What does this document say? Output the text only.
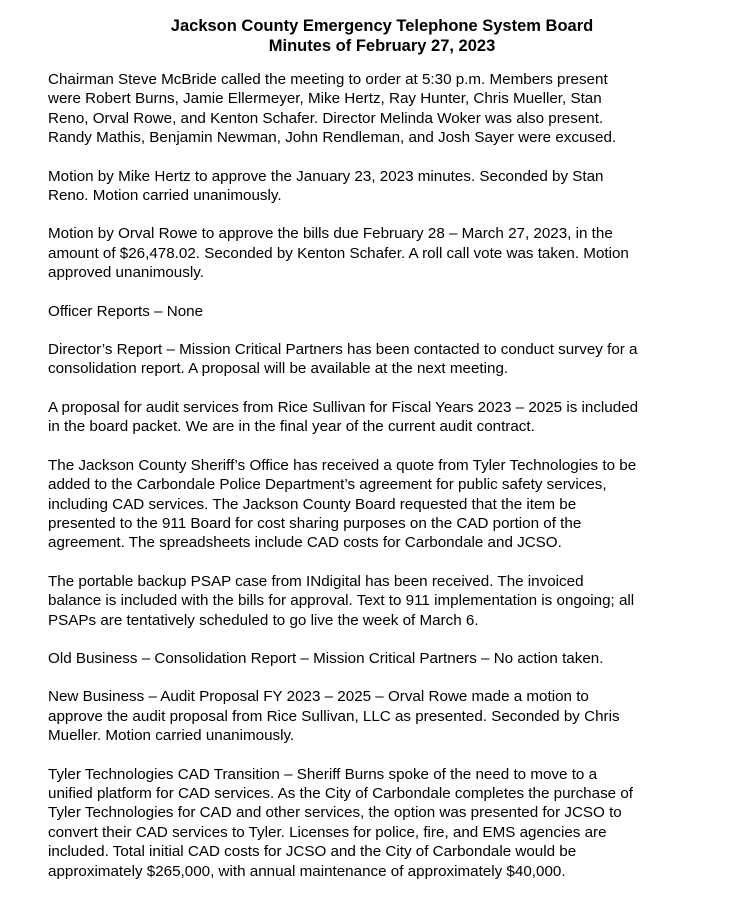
Jackson County Emergency Telephone System Board
Minutes of February 27, 2023
Chairman Steve McBride called the meeting to order at 5:30 p.m. Members present
were Robert Burns, Jamie Ellermeyer, Mike Hertz, Ray Hunter, Chris Mueller, Stan
Reno, Orval Rowe, and Kenton Schafer. Director Melinda Woker was also present.
Randy Mathis, Benjamin Newman, John Rendleman, and Josh Sayer were excused.
Motion by Mike Hertz to approve the January 23, 2023 minutes. Seconded by Stan
Reno. Motion carried unanimously.
Motion by Orval Rowe to approve the bills due February 28 – March 27, 2023, in the
amount of $26,478.02. Seconded by Kenton Schafer. A roll call vote was taken. Motion
approved unanimously.
Officer Reports – None
Director’s Report – Mission Critical Partners has been contacted to conduct survey for a
consolidation report. A proposal will be available at the next meeting.
A proposal for audit services from Rice Sullivan for Fiscal Years 2023 – 2025 is included
in the board packet. We are in the final year of the current audit contract.
The Jackson County Sheriff’s Office has received a quote from Tyler Technologies to be
added to the Carbondale Police Department’s agreement for public safety services,
including CAD services. The Jackson County Board requested that the item be
presented to the 911 Board for cost sharing purposes on the CAD portion of the
agreement. The spreadsheets include CAD costs for Carbondale and JCSO.
The portable backup PSAP case from INdigital has been received. The invoiced
balance is included with the bills for approval. Text to 911 implementation is ongoing; all
PSAPs are tentatively scheduled to go live the week of March 6.
Old Business – Consolidation Report – Mission Critical Partners – No action taken.
New Business – Audit Proposal FY 2023 – 2025 – Orval Rowe made a motion to
approve the audit proposal from Rice Sullivan, LLC as presented. Seconded by Chris
Mueller. Motion carried unanimously.
Tyler Technologies CAD Transition – Sheriff Burns spoke of the need to move to a
unified platform for CAD services. As the City of Carbondale completes the purchase of
Tyler Technologies for CAD and other services, the option was presented for JCSO to
convert their CAD services to Tyler. Licenses for police, fire, and EMS agencies are
included. Total initial CAD costs for JCSO and the City of Carbondale would be
approximately $265,000, with annual maintenance of approximately $40,000.
